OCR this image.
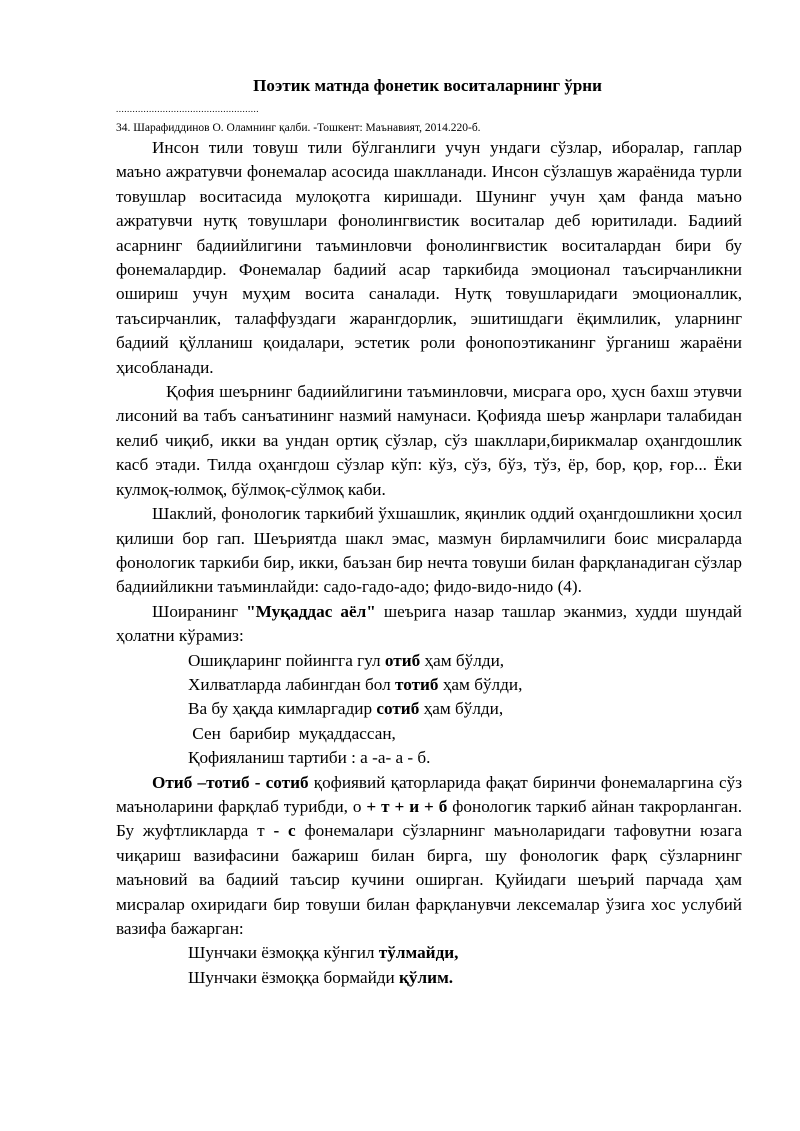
Поэтик матнда фонетик воситаларнинг ўрни
....................................................
34. Шарафиддинов О. Оламнинг қалби. -Тошкент: Маънавият, 2014.220-б.

Инсон тили товуш тили бўлганлиги учун ундаги сўзлар, иборалар, гаплар маъно ажратувчи фонемалар асосида шаклланади. Инсон сўзлашув жараёнида турли товушлар воситасида мулоқотга киришади. Шунинг учун ҳам фанда маъно ажратувчи нутқ товушлари фонолингвистик воситалар деб юритилади. Бадиий асарнинг бадиийлигини таъминловчи фонолингвистик воситалардан бири бу фонемалардир. Фонемалар бадиий асар таркибида эмоционал таъсирчанликни ошириш учун муҳим восита саналади. Нутқ товушларидаги эмоционаллик, таъсирчанлик, талаффуздаги жарангдорлик, эшитишдаги ёқимлилик, уларнинг бадиий қўлланиш қоидалари, эстетик роли фонопоэтиканинг ўрганиш жараёни ҳисобланади.

Қофия шеърнинг бадиийлигини таъминловчи, мисрага оро, ҳусн бахш этувчи лисоний ва табъ санъатининг назмий намунаси. Қофияда шеър жанрлари талабидан келиб чиқиб, икки ва ундан ортиқ сўзлар, сўз шакллари,бирикмалар оҳангдошлик касб этади. Тилда оҳангдош сўзлар кўп: кўз, сўз, бўз, тўз, ёр, бор, қор, ғор... Ёки кулмоқ-юлмоқ, бўлмоқ-сўлмоқ каби.

Шаклий, фонологик таркибий ўхшашлик, яқинлик оддий оҳангдошликни ҳосил қилиши бор гап. Шеъриятда шакл эмас, мазмун бирламчилиги боис мисраларда фонологик таркиби бир, икки, баъзан бир нечта товуши билан фарқланадиган сўзлар бадиийликни таъминлайди: садо-гадо-адо; фидо-видо-нидо (4).

Шоиранинг "Муқаддас аёл" шеърига назар ташлар эканмиз, худди шундай ҳолатни кўрамиз:

Ошиқларинг пойингга гул отиб ҳам бўлди,

Хилватларда лабингдан бол тотиб ҳам бўлди,

Ва бу ҳақда кимларгадир сотиб ҳам бўлди,

Сен  барибир  муқаддассан,

Қофияланиш тартиби : а -а- а - б.

Отиб –тотиб - сотиб қофиявий қаторларида фақат биринчи фонемаларгина сўз маъноларини фарқлаб турибди, о + т + и + б фонологик таркиб айнан такрорланган. Бу жуфтликларда т - с фонемалари сўзларнинг маъноларидаги тафовутни юзага чиқариш вазифасини бажариш билан бирга, шу фонологик фарқ сўзларнинг маъновий ва бадиий таъсир кучини оширган. Қуйидаги шеърий парчада ҳам мисралар охиридаги бир товуши билан фарқланувчи лексемалар ўзига хос услубий вазифа бажарган:

Шунчаки ёзмоққа кўнгил тўлмайди,

Шунчаки ёзмоққа бормайди қўлим.
